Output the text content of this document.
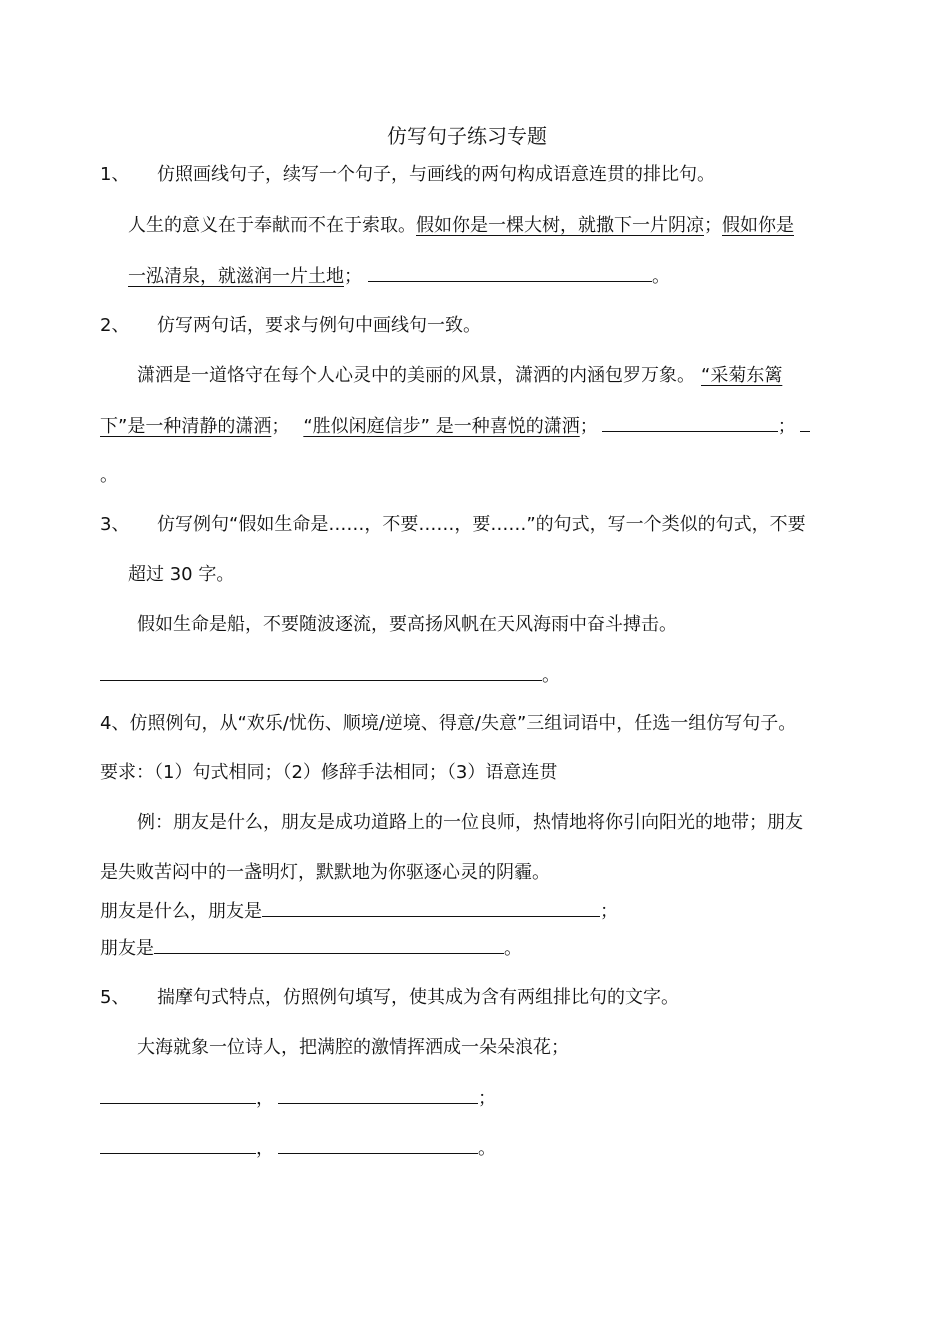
仿写句子练习专题
1、 仿照画线句子，续写一个句子，与画线的两句构成语意连贯的排比句。
人生的意义在于奉献而不在于索取。假如你是一棵大树，就撒下一片阴凉；假如你是
一泓清泉，就滋润一片土地；	。
2、 仿写两句话，要求与例句中画线句一致。
潇洒是一道恪守在每个人心灵中的美丽的风景，潇洒的内涵包罗万象。 “采菊东篱
下”是一种清静的潇洒； “胜似闲庭信步” 是一种喜悦的潇洒；	；
。
3、 仿写例句“假如生命是……，不要……，要……”的句式，写一个类似的句式，不要
超过 30 字。
假如生命是船，不要随波逐流，要高扬风帆在天风海雨中奋斗搏击。
。
4、仿照例句，从“欢乐/忧伤、顺境/逆境、得意/失意”三组词语中，任选一组仿写句子。
要求：（1）句式相同；（2）修辞手法相同；（3）语意连贯
例：朋友是什么，朋友是成功道路上的一位良师，热情地将你引向阳光的地带；朋友
是失败苦闷中的一盏明灯，默默地为你驱逐心灵的阴霾。
朋友是什么，朋友是	；
朋友是	。
5、 揣摩句式特点，仿照例句填写，使其成为含有两组排比句的文字。
大海就象一位诗人，把满腔的激情挥洒成一朵朵浪花；
，	；
，	。
